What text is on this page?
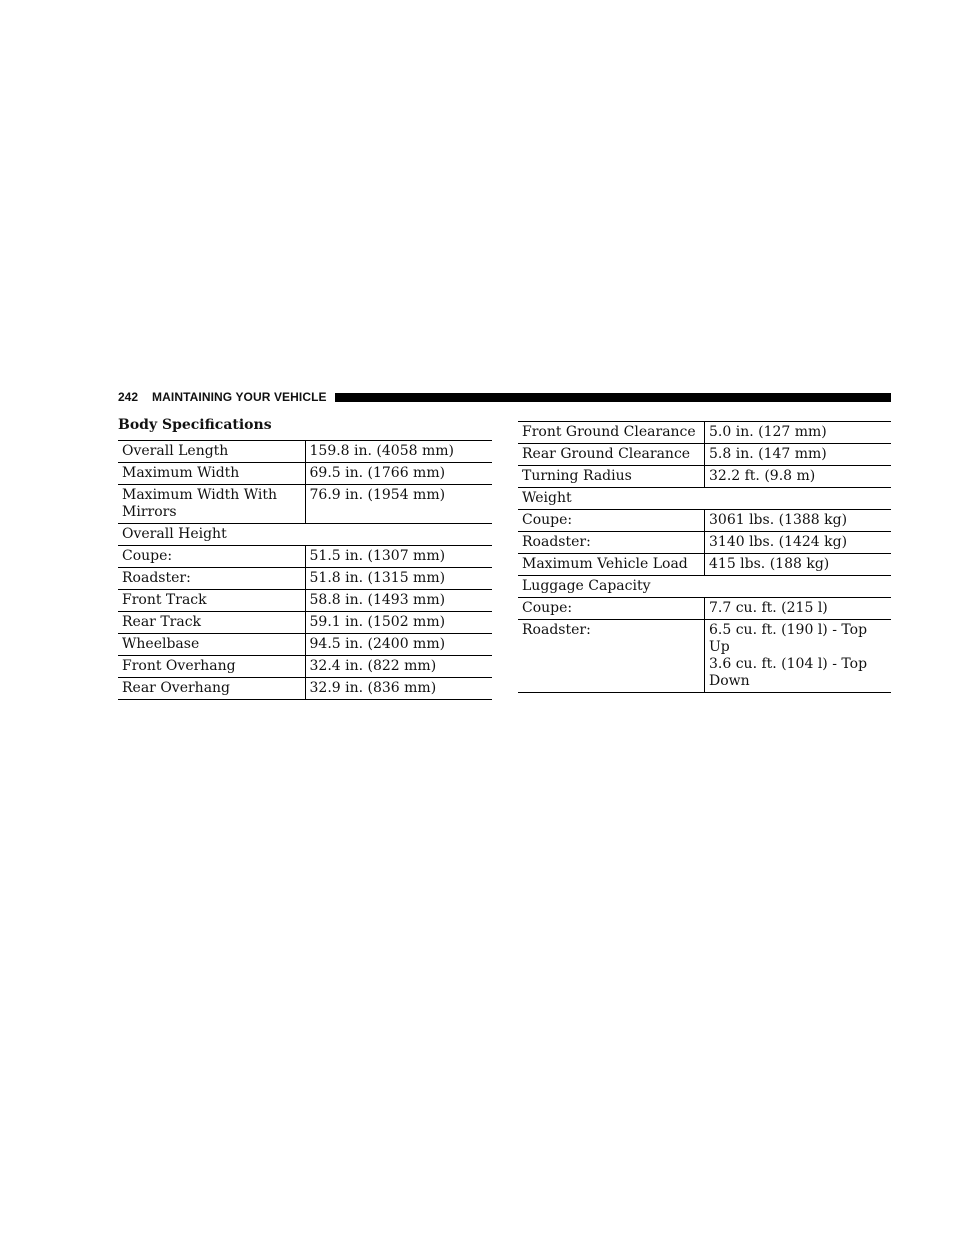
242 MAINTAINING YOUR VEHICLE
Body Specifications
Overall Length	159.8 in. (4058 mm)
Maximum Width	69.5 in. (1766 mm)
Maximum Width With Mirrors	76.9 in. (1954 mm)
Overall Height	
Coupe:	51.5 in. (1307 mm)
Roadster:	51.8 in. (1315 mm)
Front Track	58.8 in. (1493 mm)
Rear Track	59.1 in. (1502 mm)
Wheelbase	94.5 in. (2400 mm)
Front Overhang	32.4 in. (822 mm)
Rear Overhang	32.9 in. (836 mm)
Front Ground Clearance	5.0 in. (127 mm)
Rear Ground Clearance	5.8 in. (147 mm)
Turning Radius	32.2 ft. (9.8 m)
Weight	
Coupe:	3061 lbs. (1388 kg)
Roadster:	3140 lbs. (1424 kg)
Maximum Vehicle Load	415 lbs. (188 kg)
Luggage Capacity	
Coupe:	7.7 cu. ft. (215 l)
Roadster:	6.5 cu. ft. (190 l) - Top Up
3.6 cu. ft. (104 l) - Top Down
